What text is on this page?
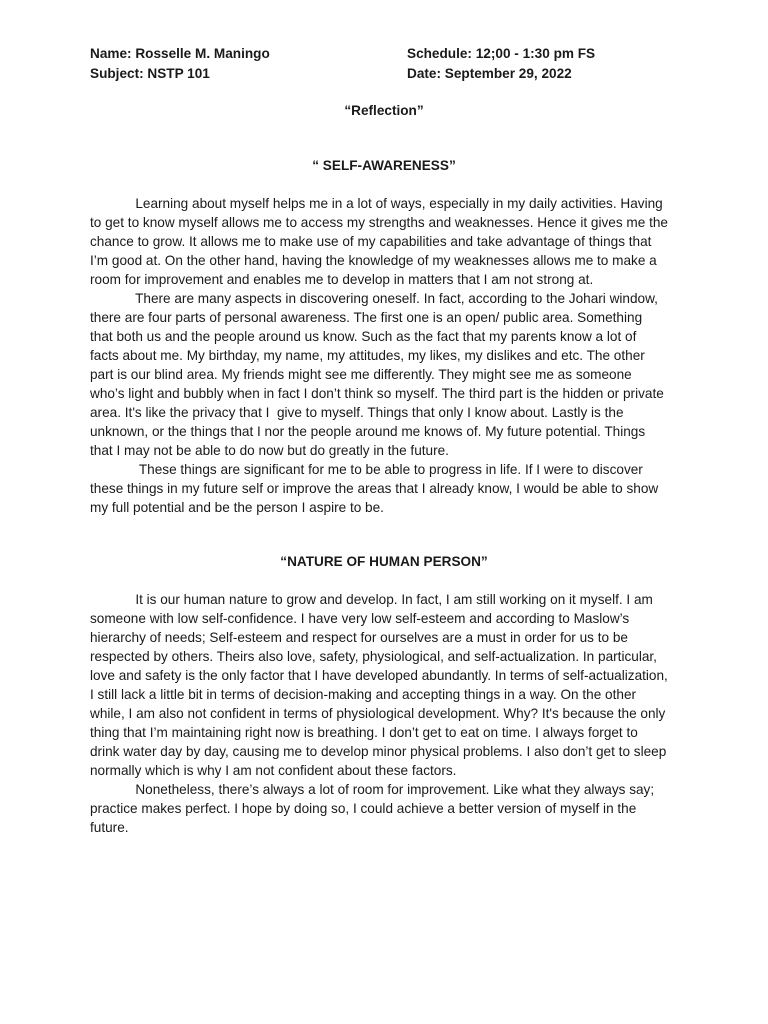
Name: Rosselle M. Maningo
Subject: NSTP 101
Schedule: 12;00 - 1:30 pm FS
Date: September 29, 2022
“Reflection”
“ SELF-AWARENESS”
Learning about myself helps me in a lot of ways, especially in my daily activities. Having
to get to know myself allows me to access my strengths and weaknesses. Hence it gives me the
chance to grow. It allows me to make use of my capabilities and take advantage of things that
I’m good at. On the other hand, having the knowledge of my weaknesses allows me to make a
room for improvement and enables me to develop in matters that I am not strong at.
There are many aspects in discovering oneself. In fact, according to the Johari window,
there are four parts of personal awareness. The first one is an open/ public area. Something
that both us and the people around us know. Such as the fact that my parents know a lot of
facts about me. My birthday, my name, my attitudes, my likes, my dislikes and etc. The other
part is our blind area. My friends might see me differently. They might see me as someone
who’s light and bubbly when in fact I don’t think so myself. The third part is the hidden or private
area. It's like the privacy that I  give to myself. Things that only I know about. Lastly is the
unknown, or the things that I nor the people around me knows of. My future potential. Things
that I may not be able to do now but do greatly in the future.
These things are significant for me to be able to progress in life. If I were to discover
these things in my future self or improve the areas that I already know, I would be able to show
my full potential and be the person I aspire to be.
“NATURE OF HUMAN PERSON”
It is our human nature to grow and develop. In fact, I am still working on it myself. I am
someone with low self-confidence. I have very low self-esteem and according to Maslow’s
hierarchy of needs; Self-esteem and respect for ourselves are a must in order for us to be
respected by others. Theirs also love, safety, physiological, and self-actualization. In particular,
love and safety is the only factor that I have developed abundantly. In terms of self-actualization,
I still lack a little bit in terms of decision-making and accepting things in a way. On the other
while, I am also not confident in terms of physiological development. Why? It's because the only
thing that I’m maintaining right now is breathing. I don’t get to eat on time. I always forget to
drink water day by day, causing me to develop minor physical problems. I also don’t get to sleep
normally which is why I am not confident about these factors.
Nonetheless, there’s always a lot of room for improvement. Like what they always say;
practice makes perfect. I hope by doing so, I could achieve a better version of myself in the
future.
